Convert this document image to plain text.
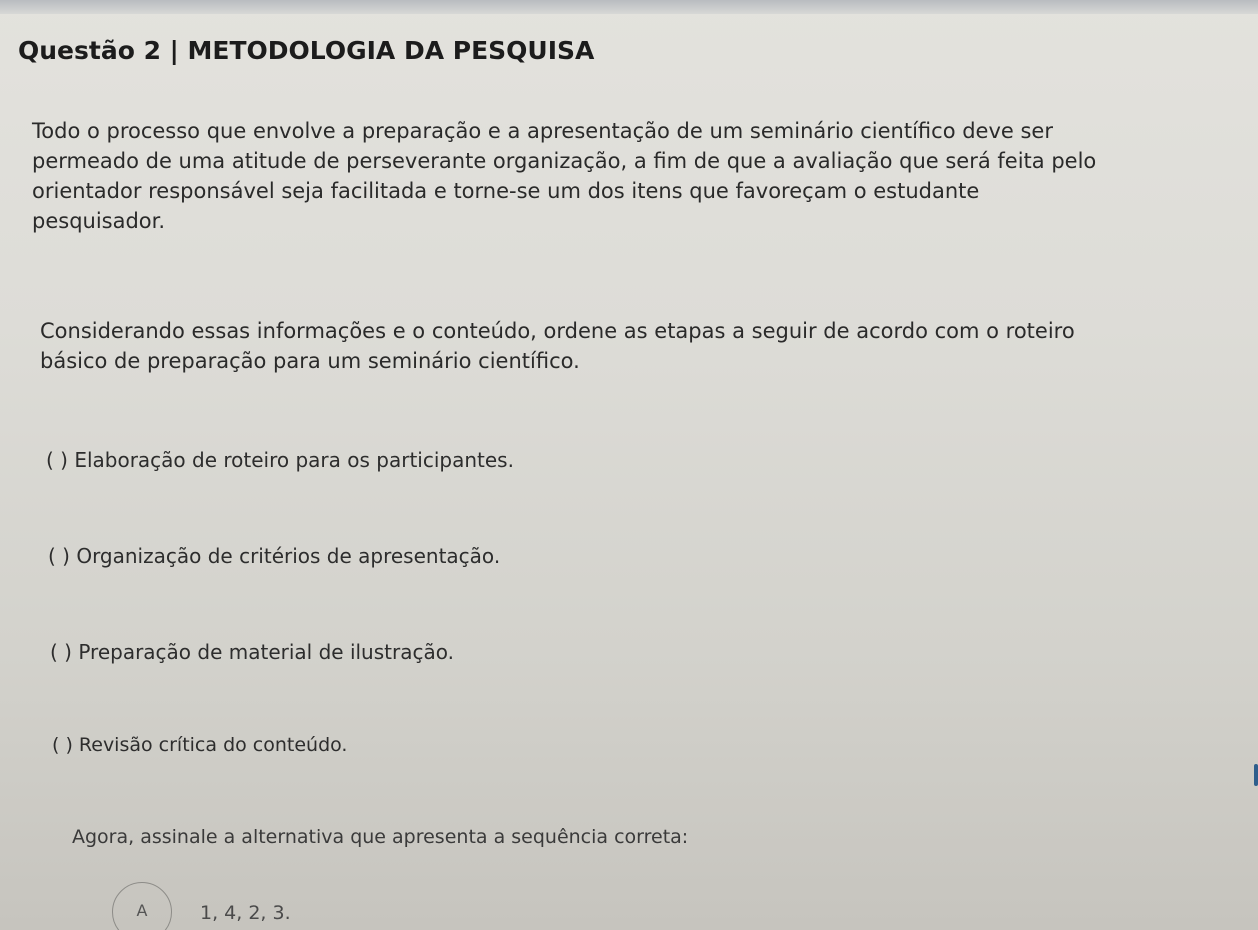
Questão 2 | METODOLOGIA DA PESQUISA

Todo o processo que envolve a preparação e a apresentação de um seminário científico deve ser
permeado de uma atitude de perseverante organização, a fim de que a avaliação que será feita pelo
orientador responsável seja facilitada e torne-se um dos itens que favoreçam o estudante
pesquisador.

Considerando essas informações e o conteúdo, ordene as etapas a seguir de acordo com o roteiro
básico de preparação para um seminário científico.

( ) Elaboração de roteiro para os participantes.

( ) Organização de critérios de apresentação.

( ) Preparação de material de ilustração.

( ) Revisão crítica do conteúdo.

Agora, assinale a alternativa que apresenta a sequência correta:

A	1, 4, 2, 3.
